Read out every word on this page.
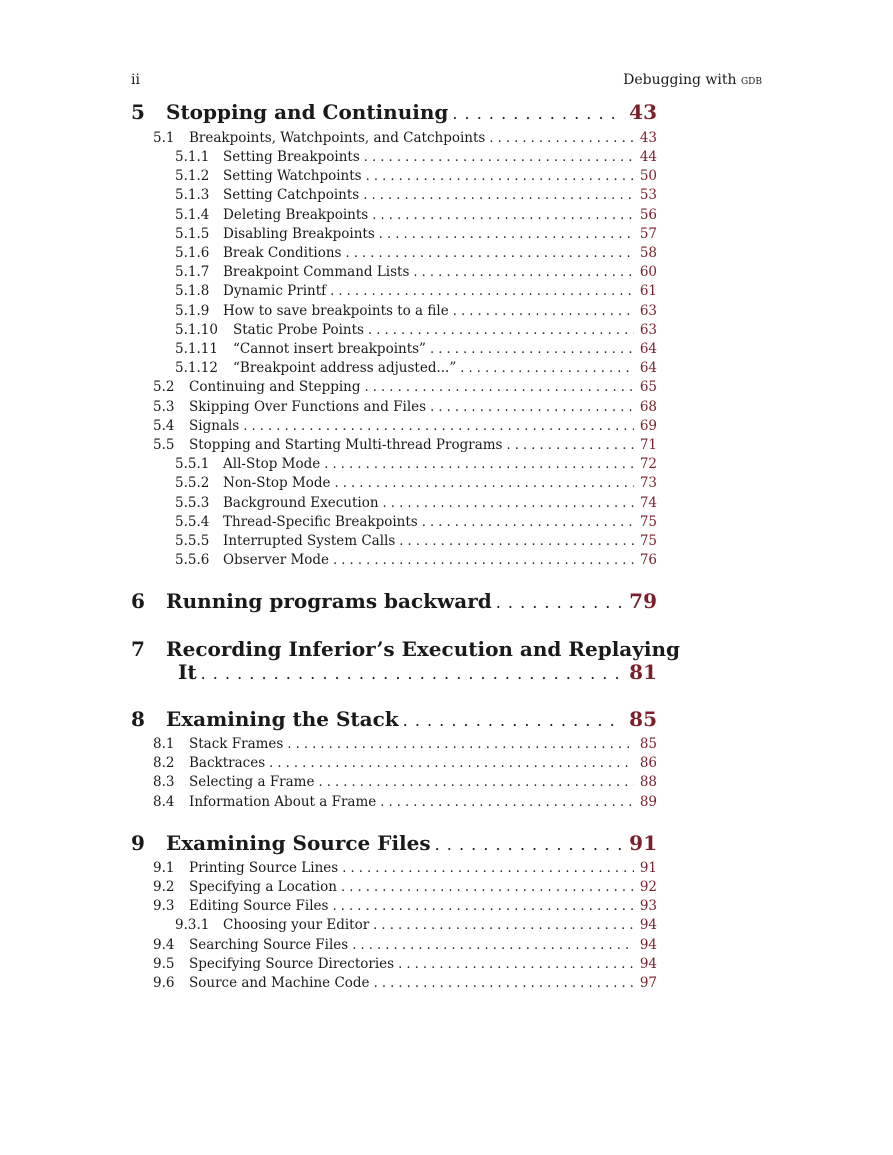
ii	Debugging with gdb
5	Stopping and Continuing . . .	43
5.1	Breakpoints, Watchpoints, and Catchpoints . . .	43
5.1.1	Setting Breakpoints . . .	44
5.1.2	Setting Watchpoints . . .	50
5.1.3	Setting Catchpoints . . .	53
5.1.4	Deleting Breakpoints . . .	56
5.1.5	Disabling Breakpoints . . .	57
5.1.6	Break Conditions . . .	58
5.1.7	Breakpoint Command Lists . . .	60
5.1.8	Dynamic Printf . . .	61
5.1.9	How to save breakpoints to a file . . .	63
5.1.10	Static Probe Points . . .	63
5.1.11	“Cannot insert breakpoints” . . .	64
5.1.12	“Breakpoint address adjusted...” . . .	64
5.2	Continuing and Stepping . . .	65
5.3	Skipping Over Functions and Files . . .	68
5.4	Signals . . .	69
5.5	Stopping and Starting Multi-thread Programs . . .	71
5.5.1	All-Stop Mode . . .	72
5.5.2	Non-Stop Mode . . .	73
5.5.3	Background Execution . . .	74
5.5.4	Thread-Specific Breakpoints . . .	75
5.5.5	Interrupted System Calls . . .	75
5.5.6	Observer Mode . . .	76
6	Running programs backward . . .	79
7	Recording Inferior’s Execution and Replaying
It . . .	81
8	Examining the Stack . . .	85
8.1	Stack Frames . . .	85
8.2	Backtraces . . .	86
8.3	Selecting a Frame . . .	88
8.4	Information About a Frame . . .	89
9	Examining Source Files . . .	91
9.1	Printing Source Lines . . .	91
9.2	Specifying a Location . . .	92
9.3	Editing Source Files . . .	93
9.3.1	Choosing your Editor . . .	94
9.4	Searching Source Files . . .	94
9.5	Specifying Source Directories . . .	94
9.6	Source and Machine Code . . .	97
